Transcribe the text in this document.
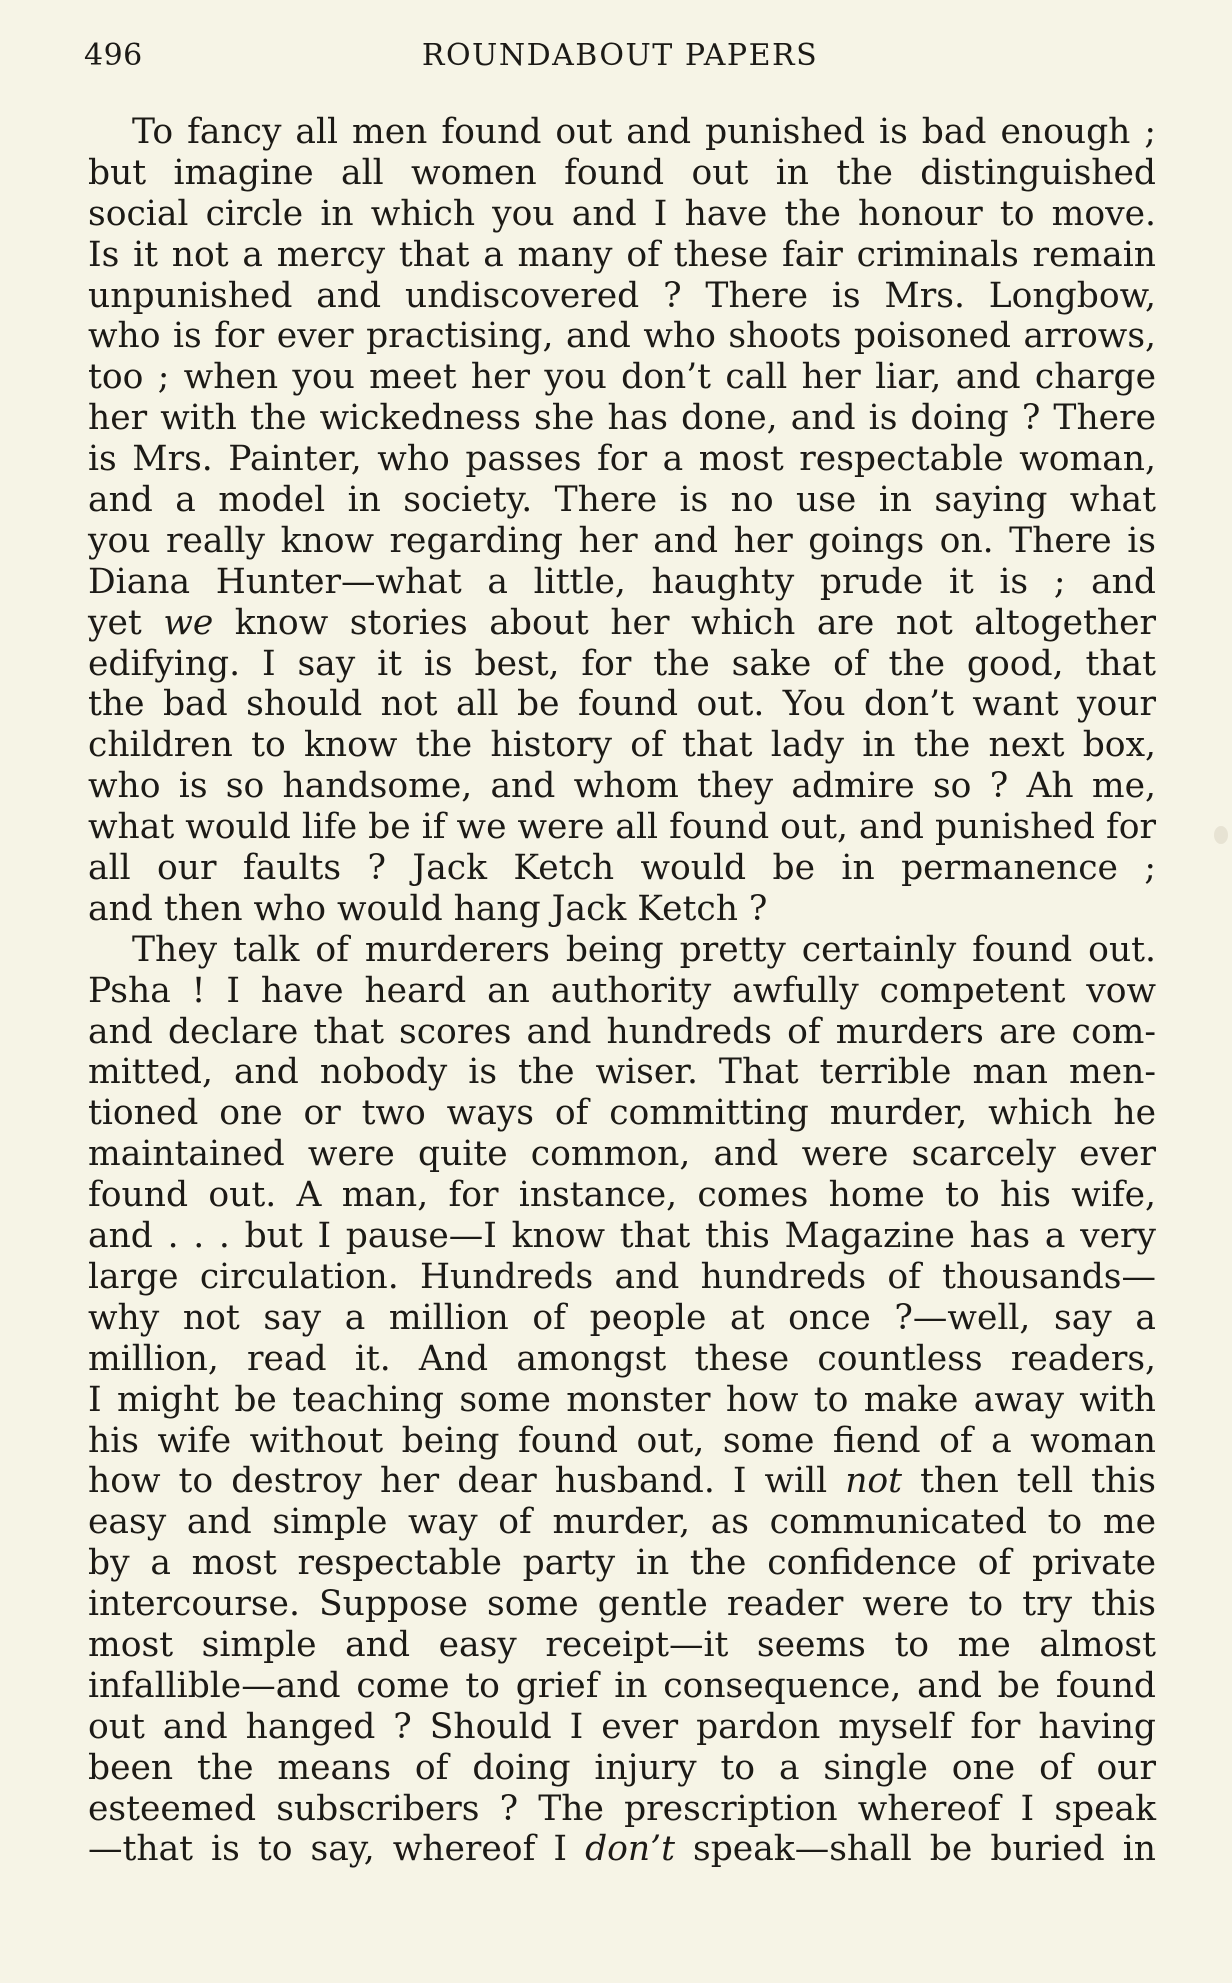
496	ROUNDABOUT PAPERS
To fancy all men found out and punished is bad enough ;
but imagine all women found out in the distinguished
social circle in which you and I have the honour to move.
Is it not a mercy that a many of these fair criminals remain
unpunished and undiscovered ? There is Mrs. Longbow,
who is for ever practising, and who shoots poisoned arrows,
too ; when you meet her you don’t call her liar, and charge
her with the wickedness she has done, and is doing ? There
is Mrs. Painter, who passes for a most respectable woman,
and a model in society. There is no use in saying what
you really know regarding her and her goings on. There is
Diana Hunter—what a little, haughty prude it is ; and
yet we know stories about her which are not altogether
edifying. I say it is best, for the sake of the good, that
the bad should not all be found out. You don’t want your
children to know the history of that lady in the next box,
who is so handsome, and whom they admire so ? Ah me,
what would life be if we were all found out, and punished for
all our faults ? Jack Ketch would be in permanence ;
and then who would hang Jack Ketch ?
They talk of murderers being pretty certainly found out.
Psha ! I have heard an authority awfully competent vow
and declare that scores and hundreds of murders are com-
mitted, and nobody is the wiser. That terrible man men-
tioned one or two ways of committing murder, which he
maintained were quite common, and were scarcely ever
found out. A man, for instance, comes home to his wife,
and . . . but I pause—I know that this Magazine has a very
large circulation. Hundreds and hundreds of thousands—
why not say a million of people at once ?—well, say a
million, read it. And amongst these countless readers,
I might be teaching some monster how to make away with
his wife without being found out, some fiend of a woman
how to destroy her dear husband. I will not then tell this
easy and simple way of murder, as communicated to me
by a most respectable party in the confidence of private
intercourse. Suppose some gentle reader were to try this
most simple and easy receipt—it seems to me almost
infallible—and come to grief in consequence, and be found
out and hanged ? Should I ever pardon myself for having
been the means of doing injury to a single one of our
esteemed subscribers ? The prescription whereof I speak
—that is to say, whereof I don’t speak—shall be buried in
